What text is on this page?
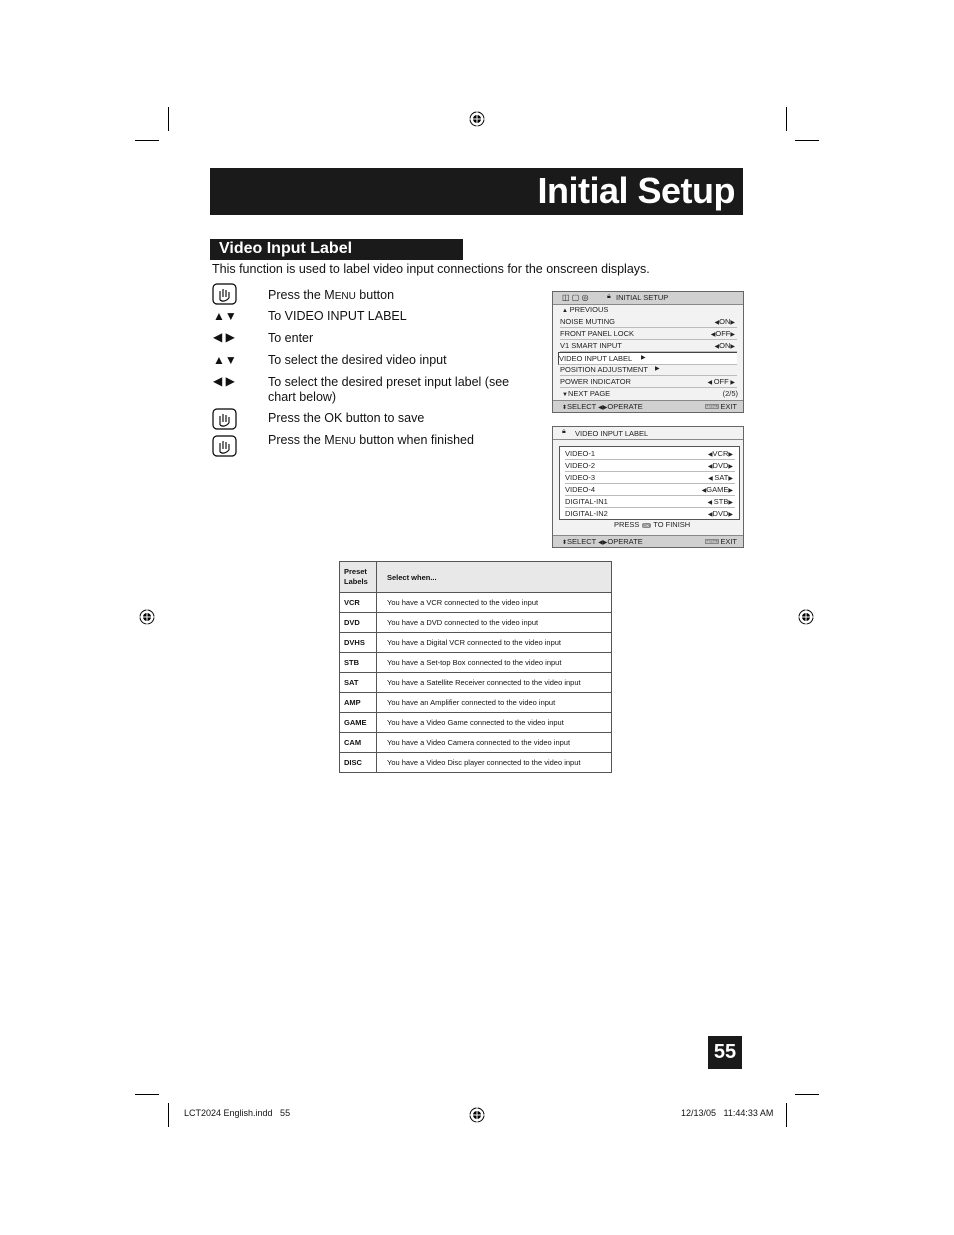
Initial Setup
Video Input Label
This function is used to label video input connections for the onscreen displays.
Press the MENU button
▲▼ To VIDEO INPUT LABEL
◀ ▶	To enter
▲▼ To select the desired video input
◀ ▶	To select the desired preset input label (see chart below)
Press the OK button to save
Press the MENU button when finished
◫ ▢ ◎	🔒︎ INITIAL SETUP
▲ PREVIOUS
NOISE MUTING	◀ON▶
FRONT PANEL LOCK	◀OFF▶
V1 SMART INPUT	◀ON▶
VIDEO INPUT LABEL ▶
POSITION ADJUSTMENT ▶
POWER INDICATOR	◀ OFF ▶
▼NEXT PAGE	(2/5)
⬍SELECT ◀▶OPERATE	MENU EXIT
🔒︎ VIDEO INPUT LABEL
VIDEO-1	◀VCR▶
VIDEO-2	◀DVD▶
VIDEO-3	◀ SAT▶
VIDEO-4	◀GAME▶
DIGITAL-IN1	◀ STB▶
DIGITAL-IN2	◀DVD▶
PRESS OK TO FINISH
⬍SELECT ◀▶OPERATE	MENU EXIT
Preset Labels	Select when...
VCR	You have a VCR connected to the video input
DVD	You have a DVD connected to the video input
DVHS	You have a Digital VCR connected to the video input
STB	You have a Set-top Box connected to the video input
SAT	You have a Satellite Receiver connected to the video input
AMP	You have an Amplifier connected to the video input
GAME	You have a Video Game connected to the video input
CAM	You have a Video Camera connected to the video input
DISC	You have a Video Disc player connected to the video input
55
LCT2024 English.indd   55	12/13/05   11:44:33 AM
